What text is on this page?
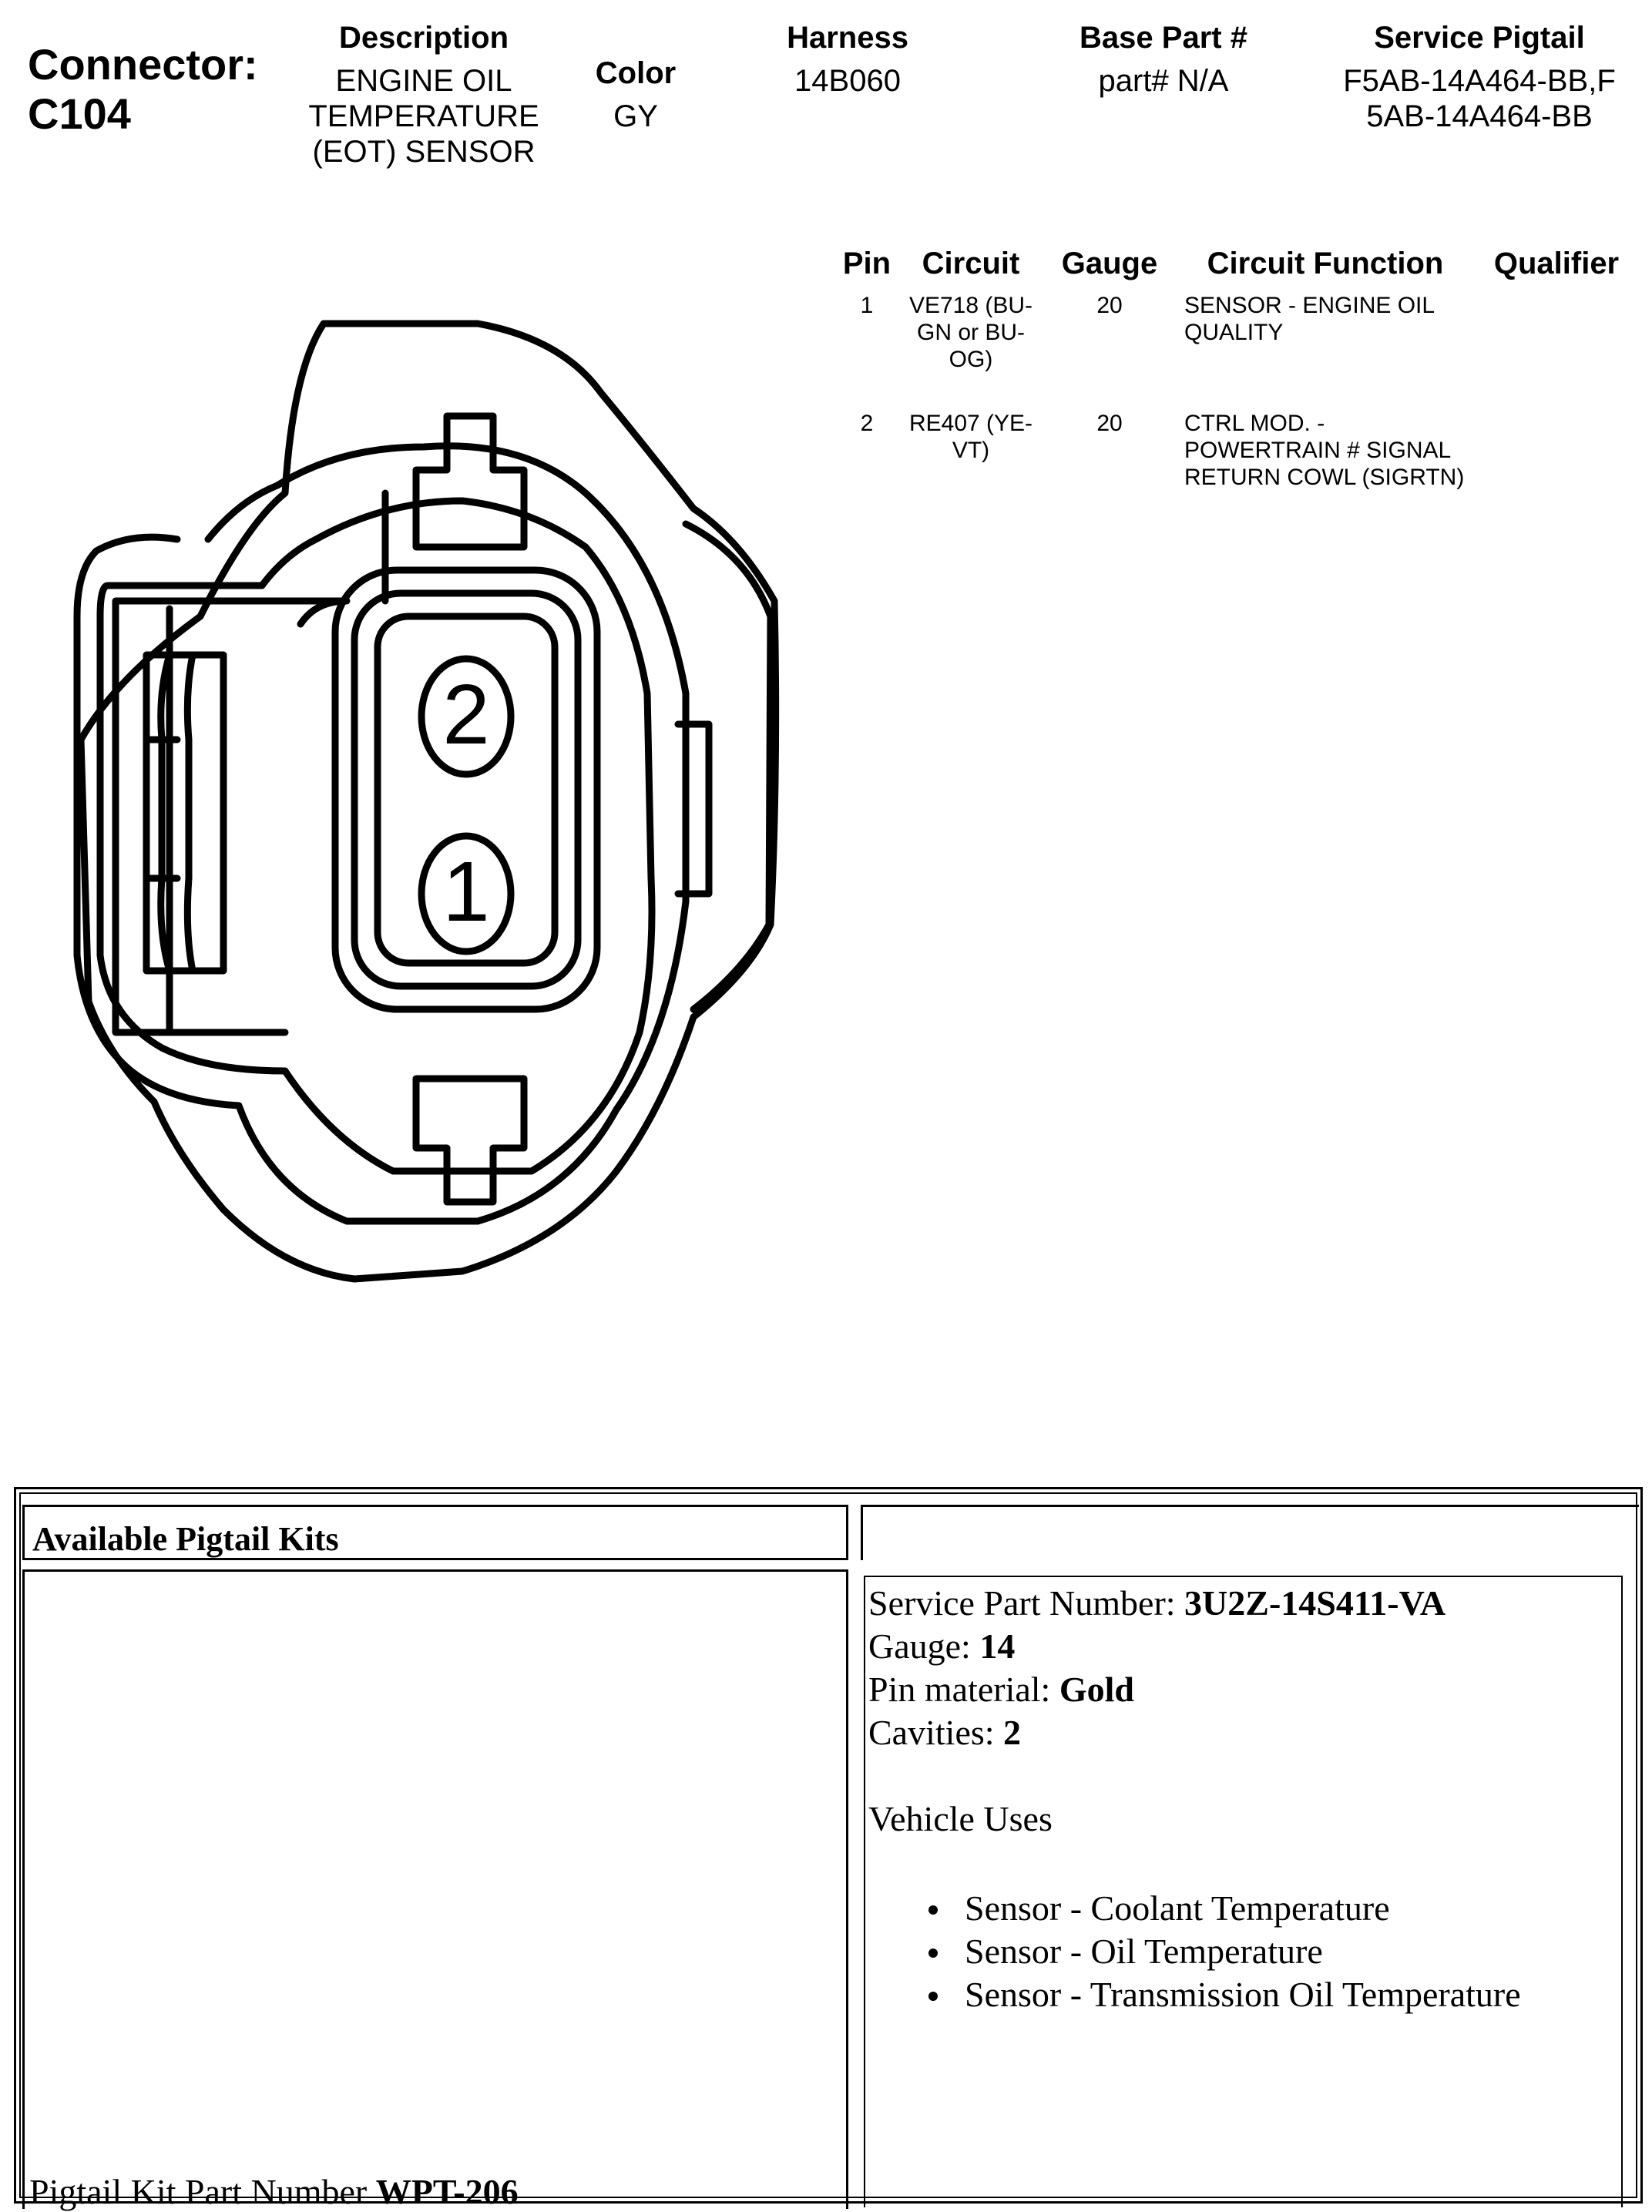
Connector:
C104
Description
ENGINE OIL TEMPERATURE (EOT) SENSOR
Color
GY
Harness
14B060
Base Part #
part# N/A
Service Pigtail
F5AB-14A464-BB,F5AB-14A464-BB
Pin	Circuit	Gauge	Circuit Function	Qualifier
1	VE718 (BU-GN or BU-OG)	20	SENSOR - ENGINE OIL QUALITY	
2	RE407 (YE-VT)	20	CTRL MOD. - POWERTRAIN # SIGNAL RETURN COWL (SIGRTN)	
2
1
Available Pigtail Kits
Pigtail Kit Part Number WPT-206
Service Part Number: 3U2Z-14S411-VA
Gauge: 14
Pin material: Gold
Cavities: 2
Vehicle Uses
Sensor - Coolant Temperature
Sensor - Oil Temperature
Sensor - Transmission Oil Temperature
